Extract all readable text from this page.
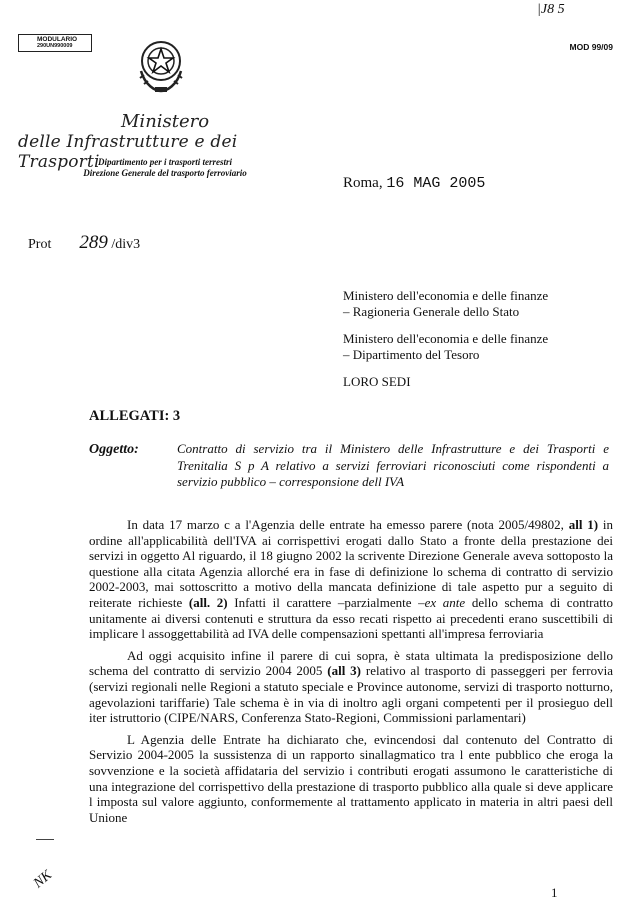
|J8 5
MOD 99/09
MODULARIO
290UN990009
Ministero
delle Infrastrutture e dei Trasporti
Dipartimento per i trasporti terrestri
Direzione Generale del trasporto ferroviario
Roma, 16 MAG 2005
Prot 289 /div3

Ministero dell'economia e delle finanze
– Ragioneria Generale dello Stato

Ministero dell'economia e delle finanze
– Dipartimento del Tesoro

LORO SEDI

ALLEGATI: 3
Oggetto:	Contratto di servizio tra il Ministero delle Infrastrutture e dei Trasporti e Trenitalia S p A relativo a servizi ferroviari riconosciuti come rispondenti a servizio pubblico – corresponsione dell IVA

In data 17 marzo c a l'Agenzia delle entrate ha emesso parere (nota 2005/49802, all 1) in ordine all'applicabilità dell'IVA ai corrispettivi erogati dallo Stato a fronte della prestazione dei servizi in oggetto Al riguardo, il 18 giugno 2002 la scrivente Direzione Generale aveva sottoposto la questione alla citata Agenzia allorché era in fase di definizione lo schema di contratto di servizio 2002-2003, mai sottoscritto a motivo della mancata definizione di tale aspetto pur a seguito di reiterate richieste (all. 2) Infatti il carattere –parzialmente –ex ante dello schema di contratto unitamente ai diversi contenuti e struttura da esso recati rispetto ai precedenti erano suscettibili di implicare l assoggettabilità ad IVA delle compensazioni spettanti all'impresa ferroviaria

Ad oggi acquisito infine il parere di cui sopra, è stata ultimata la predisposizione dello schema del contratto di servizio 2004 2005 (all 3) relativo al trasporto di passeggeri per ferrovia (servizi regionali nelle Regioni a statuto speciale e Province autonome, servizi di trasporto notturno, agevolazioni tariffarie) Tale schema è in via di inoltro agli organi competenti per il prosieguo dell iter istruttorio (CIPE/NARS, Conferenza Stato-Regioni, Commissioni parlamentari)

L Agenzia delle Entrate ha dichiarato che, evincendosi dal contenuto del Contratto di Servizio 2004-2005 la sussistenza di un rapporto sinallagmatico tra l ente pubblico che eroga la sovvenzione e la società affidataria del servizio i contributi erogati assumono le caratteristiche di una integrazione del corrispettivo della prestazione di trasporto pubblico alla quale si deve applicare l imposta sul valore aggiunto, conformemente al trattamento applicato in materia in altri paesi dell Unione

NK
1
